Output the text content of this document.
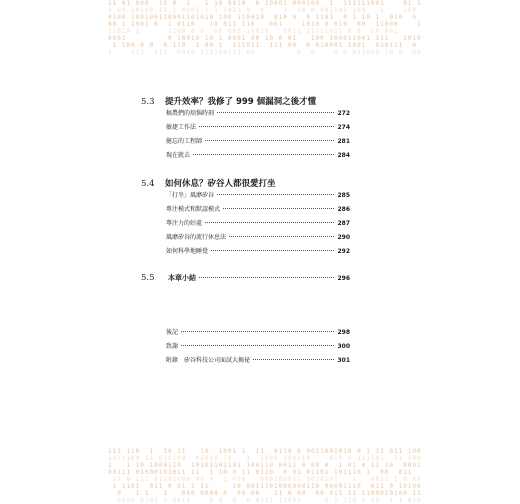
11 01 000  10 0  1   1 10 0010  0 10001 000100  1  111111001    01 1
1 00 10100 11 1 0001 1 1 1011 0  0    1  10 0 001101 100   1    100
0100 100100110001101010 100 110010  010 0  0 1101  0 1 10 1  010  0
00 1 1001 0  1 0110   10 011 110   001    1010 0 010  00  11000    1
11010 1      1100 0 0  00 000 10010   0011 11111011 0 0  10 001
0001         0 10010 10 1 0001 00 10 0 01   100 100011001 111   1010
1 100 0 0  0 110  1 00 1  111011  111 00  0 010001 1001  010111  0
1    111  111  0010 111100111 00         0  0    0 0 011000 10 0  00
111 110  1  10 11   10  1001 1  11  0110 0 0011001010 0 1 11 011 100
1011100 11 010100  01010 10   1  1000 100110    010 0 111101  11 100
1   1 10 1000110  10101101101 100110 0011 0 00 0  1 01 0 11 10  0001
00111 01000101011 11  1 10 0 11 0110  0 01 01101 101110 1  00  011
11 0 111 01101000 00 0  1 000   000100001 0010101   1   0011 1 0 00
1 1101  011 0 01 1 11     10 0011101000000110 00001110  011 0 10100
0   1 1   1   000 0000 0  00 00   11 0 00  00 011 11 1100010100 11
0000 0101 1 0011    0 0  0  0 0111 11001     0 1 110 1 10  1 1 010
5.3	提升效率？我修了 999 個漏洞之後才懂
稿農們的煩惱時刻	272
敏捷工作法	274
健忘的工程師	281
現在就去	284
5.4	如何休息？矽谷人都很愛打坐
「打坐」風靡矽谷	285
專注模式和默認模式	286
專注力的好處	287
風靡矽谷的流行休息法	290
如何科學地睡覺	292
5.5	本章小結	296
後記	298
致謝	300
附錄　矽谷科技公司面試大揭祕	301
